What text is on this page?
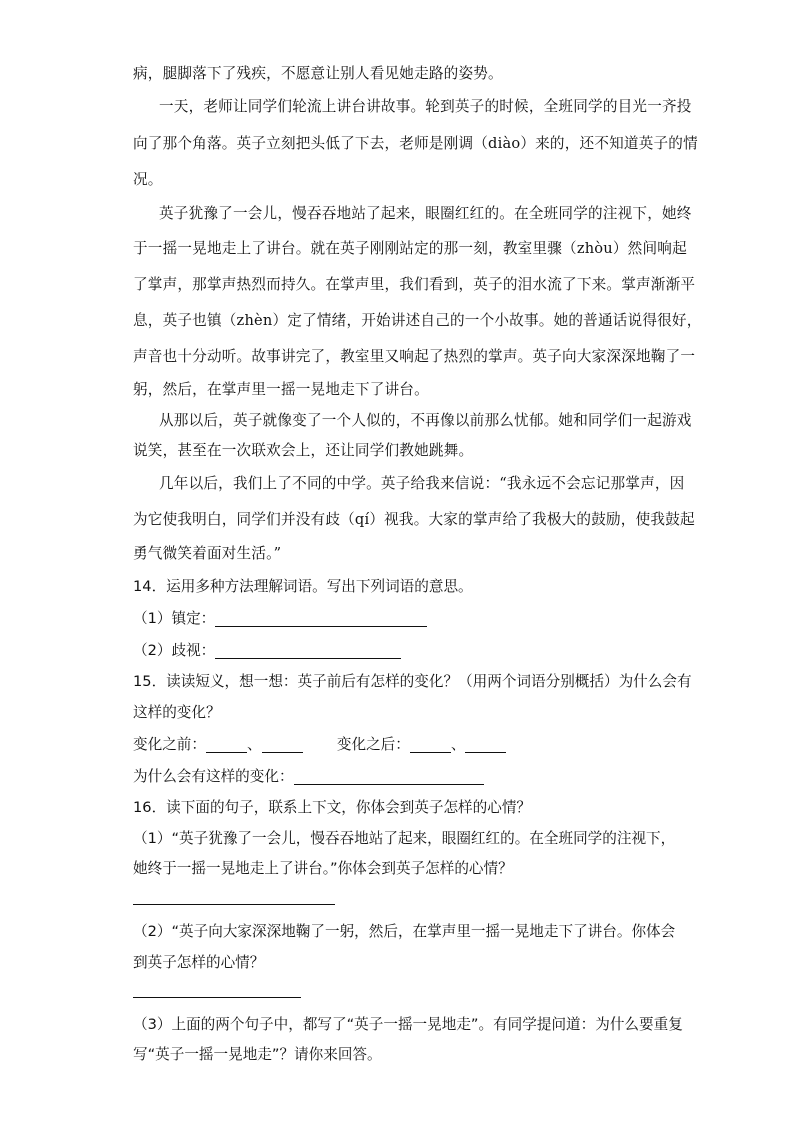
病，腿脚落下了残疾，不愿意让别人看见她走路的姿势。
一天，老师让同学们轮流上讲台讲故事。轮到英子的时候，全班同学的目光一齐投
向了那个角落。英子立刻把头低了下去，老师是刚调（diào）来的，还不知道英子的情
况。
英子犹豫了一会儿，慢吞吞地站了起来，眼圈红红的。在全班同学的注视下，她终
于一摇一晃地走上了讲台。就在英子刚刚站定的那一刻，教室里骤（zhòu）然间响起
了掌声，那掌声热烈而持久。在掌声里，我们看到，英子的泪水流了下来。掌声渐渐平
息，英子也镇（zhèn）定了情绪，开始讲述自己的一个小故事。她的普通话说得很好，
声音也十分动听。故事讲完了，教室里又响起了热烈的掌声。英子向大家深深地鞠了一
躬，然后，在掌声里一摇一晃地走下了讲台。
从那以后，英子就像变了一个人似的，不再像以前那么忧郁。她和同学们一起游戏
说笑，甚至在一次联欢会上，还让同学们教她跳舞。
几年以后，我们上了不同的中学。英子给我来信说：“我永远不会忘记那掌声，因
为它使我明白，同学们并没有歧（qí）视我。大家的掌声给了我极大的鼓励，使我鼓起
勇气微笑着面对生活。”
14．运用多种方法理解词语。写出下列词语的意思。
（1）镇定：
（2）歧视：
15．读读短义，想一想：英子前后有怎样的变化？（用两个词语分别概括）为什么会有
这样的变化？
变化之前：	、	变化之后：	、
为什么会有这样的变化：
16．读下面的句子，联系上下文，你体会到英子怎样的心情？
（1）“英子犹豫了一会儿，慢吞吞地站了起来，眼圈红红的。在全班同学的注视下，
她终于一摇一晃地走上了讲台。”你体会到英子怎样的心情？
（2）“英子向大家深深地鞠了一躬，然后，在掌声里一摇一晃地走下了讲台。你体会
到英子怎样的心情？
（3）上面的两个句子中，都写了“英子一摇一晃地走”。有同学提问道：为什么要重复
写“英子一摇一晃地走”？请你来回答。
